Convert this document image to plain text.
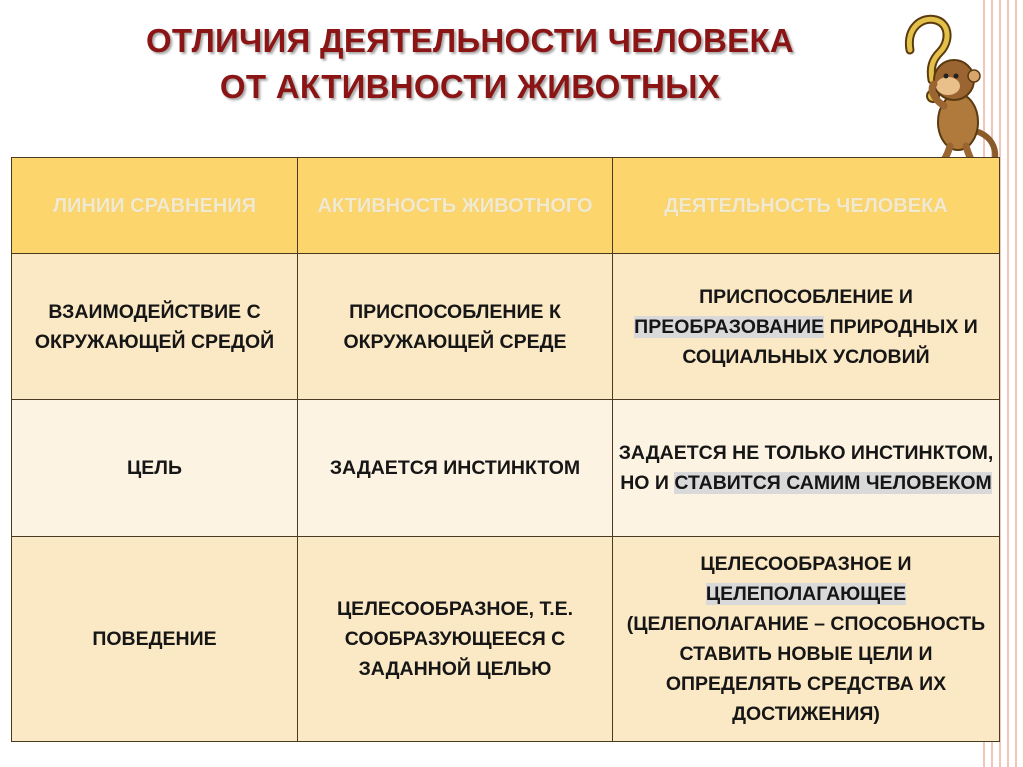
ОТЛИЧИЯ ДЕЯТЕЛЬНОСТИ ЧЕЛОВЕКА
ОТ АКТИВНОСТИ ЖИВОТНЫХ
ЛИНИИ СРАВНЕНИЯ	АКТИВНОСТЬ ЖИВОТНОГО	ДЕЯТЕЛЬНОСТЬ ЧЕЛОВЕКА
ВЗАИМОДЕЙСТВИЕ С ОКРУЖАЮЩЕЙ СРЕДОЙ	ПРИСПОСОБЛЕНИЕ К ОКРУЖАЮЩЕЙ СРЕДЕ	ПРИСПОСОБЛЕНИЕ И ПРЕОБРАЗОВАНИЕ ПРИРОДНЫХ И СОЦИАЛЬНЫХ УСЛОВИЙ
ЦЕЛЬ	ЗАДАЕТСЯ ИНСТИНКТОМ	ЗАДАЕТСЯ НЕ ТОЛЬКО ИНСТИНКТОМ, НО И СТАВИТСЯ САМИМ ЧЕЛОВЕКОМ
ПОВЕДЕНИЕ	ЦЕЛЕСООБРАЗНОЕ, Т.Е. СООБРАЗУЮЩЕЕСЯ С ЗАДАННОЙ ЦЕЛЬЮ	ЦЕЛЕСООБРАЗНОЕ И ЦЕЛЕПОЛАГАЮЩЕЕ (ЦЕЛЕПОЛАГАНИЕ – СПОСОБНОСТЬ СТАВИТЬ НОВЫЕ ЦЕЛИ И ОПРЕДЕЛЯТЬ СРЕДСТВА ИХ ДОСТИЖЕНИЯ)
